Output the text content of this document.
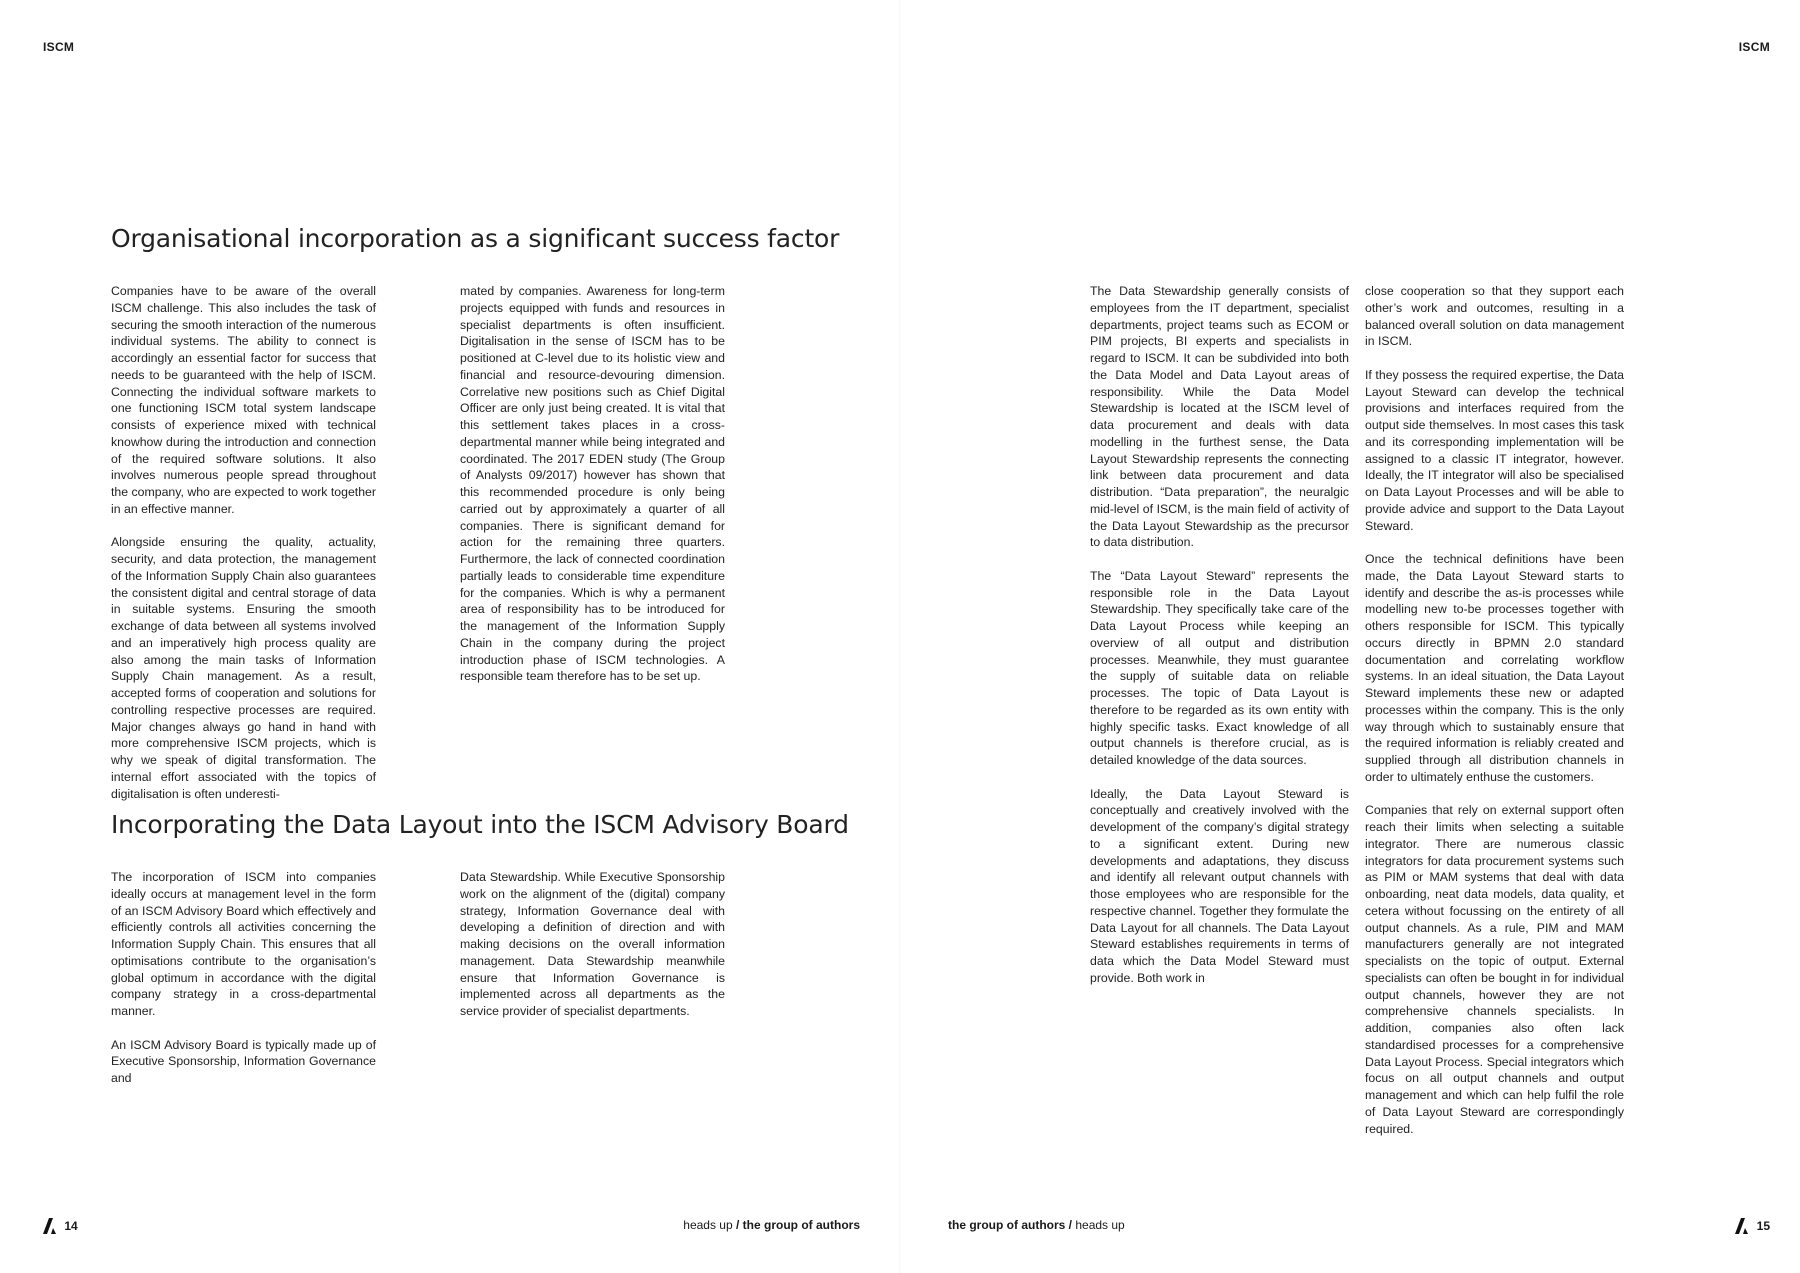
ISCM
Organisational incorporation as a significant success factor

Companies have to be aware of the overall ISCM challenge. This also includes the task of securing the smooth interaction of the numerous individual systems. The ability to connect is accordingly an essential factor for success that needs to be guaranteed with the help of ISCM. Connecting the individual software markets to one functioning ISCM total system landscape consists of experience mixed with technical knowhow during the introduction and connection of the required software solutions. It also involves numerous people spread throughout the company, who are expected to work together in an effective manner.

Alongside ensuring the quality, actuality, security, and data protection, the management of the Information Supply Chain also guarantees the consistent digital and central storage of data in suitable systems. Ensuring the smooth exchange of data between all systems involved and an imperatively high process quality are also among the main tasks of Information Supply Chain management. As a result, accepted forms of cooperation and solutions for controlling respective processes are required. Major changes always go hand in hand with more comprehensive ISCM projects, which is why we speak of digital transformation. The internal effort associated with the topics of digitalisation is often underesti-

mated by companies. Awareness for long-term projects equipped with funds and resources in specialist departments is often insufficient. Digitalisation in the sense of ISCM has to be positioned at C-level due to its holistic view and financial and resource-devouring dimension. Correlative new positions such as Chief Digital Officer are only just being created. It is vital that this settlement takes places in a cross-departmental manner while being integrated and coordinated. The 2017 EDEN study (The Group of Analysts 09/2017) however has shown that this recommended procedure is only being carried out by approximately a quarter of all companies. There is significant demand for action for the remaining three quarters. Furthermore, the lack of connected coordination partially leads to considerable time expenditure for the companies. Which is why a permanent area of responsibility has to be introduced for the management of the Information Supply Chain in the company during the project introduction phase of ISCM technologies. A responsible team therefore has to be set up.

Incorporating the Data Layout into the ISCM Advisory Board

The incorporation of ISCM into companies ideally occurs at management level in the form of an ISCM Advisory Board which effectively and efficiently controls all activities concerning the Information Supply Chain. This ensures that all optimisations contribute to the organisation’s global optimum in accordance with the digital company strategy in a cross-departmental manner.

An ISCM Advisory Board is typically made up of Executive Sponsorship, Information Governance and

Data Stewardship. While Executive Sponsorship work on the alignment of the (digital) company strategy, Information Governance deal with developing a definition of direction and with making decisions on the overall information management. Data Stewardship meanwhile ensure that Information Governance is implemented across all departments as the service provider of specialist departments.

14	heads up / the group of authors
ISCM

The Data Stewardship generally consists of employees from the IT department, specialist departments, project teams such as ECOM or PIM projects, BI experts and specialists in regard to ISCM. It can be subdivided into both the Data Model and Data Layout areas of responsibility. While the Data Model Stewardship is located at the ISCM level of data procurement and deals with data modelling in the furthest sense, the Data Layout Stewardship represents the connecting link between data procurement and data distribution. “Data preparation”, the neuralgic mid-level of ISCM, is the main field of activity of the Data Layout Stewardship as the precursor to data distribution.

The “Data Layout Steward” represents the responsible role in the Data Layout Stewardship. They specifically take care of the Data Layout Process while keeping an overview of all output and distribution processes. Meanwhile, they must guarantee the supply of suitable data on reliable processes. The topic of Data Layout is therefore to be regarded as its own entity with highly specific tasks. Exact knowledge of all output channels is therefore crucial, as is detailed knowledge of the data sources.

Ideally, the Data Layout Steward is conceptually and creatively involved with the development of the company’s digital strategy to a significant extent. During new developments and adaptations, they discuss and identify all relevant output channels with those employees who are responsible for the respective channel. Together they formulate the Data Layout for all channels. The Data Layout Steward establishes requirements in terms of data which the Data Model Steward must provide. Both work in

close cooperation so that they support each other’s work and outcomes, resulting in a balanced overall solution on data management in ISCM.

If they possess the required expertise, the Data Layout Steward can develop the technical provisions and interfaces required from the output side themselves. In most cases this task and its corresponding implementation will be assigned to a classic IT integrator, however. Ideally, the IT integrator will also be specialised on Data Layout Processes and will be able to provide advice and support to the Data Layout Steward.

Once the technical definitions have been made, the Data Layout Steward starts to identify and describe the as-is processes while modelling new to-be processes together with others responsible for ISCM. This typically occurs directly in BPMN 2.0 standard documentation and correlating workflow systems. In an ideal situation, the Data Layout Steward implements these new or adapted processes within the company. This is the only way through which to sustainably ensure that the required information is reliably created and supplied through all distribution channels in order to ultimately enthuse the customers.

Companies that rely on external support often reach their limits when selecting a suitable integrator. There are numerous classic integrators for data procurement systems such as PIM or MAM systems that deal with data onboarding, neat data models, data quality, et cetera without focussing on the entirety of all output channels. As a rule, PIM and MAM manufacturers generally are not integrated specialists on the topic of output. External specialists can often be bought in for individual output channels, however they are not comprehensive channels specialists. In addition, companies also often lack standardised processes for a comprehensive Data Layout Process. Special integrators which focus on all output channels and output management and which can help fulfil the role of Data Layout Steward are correspondingly required.

the group of authors / heads up	15
